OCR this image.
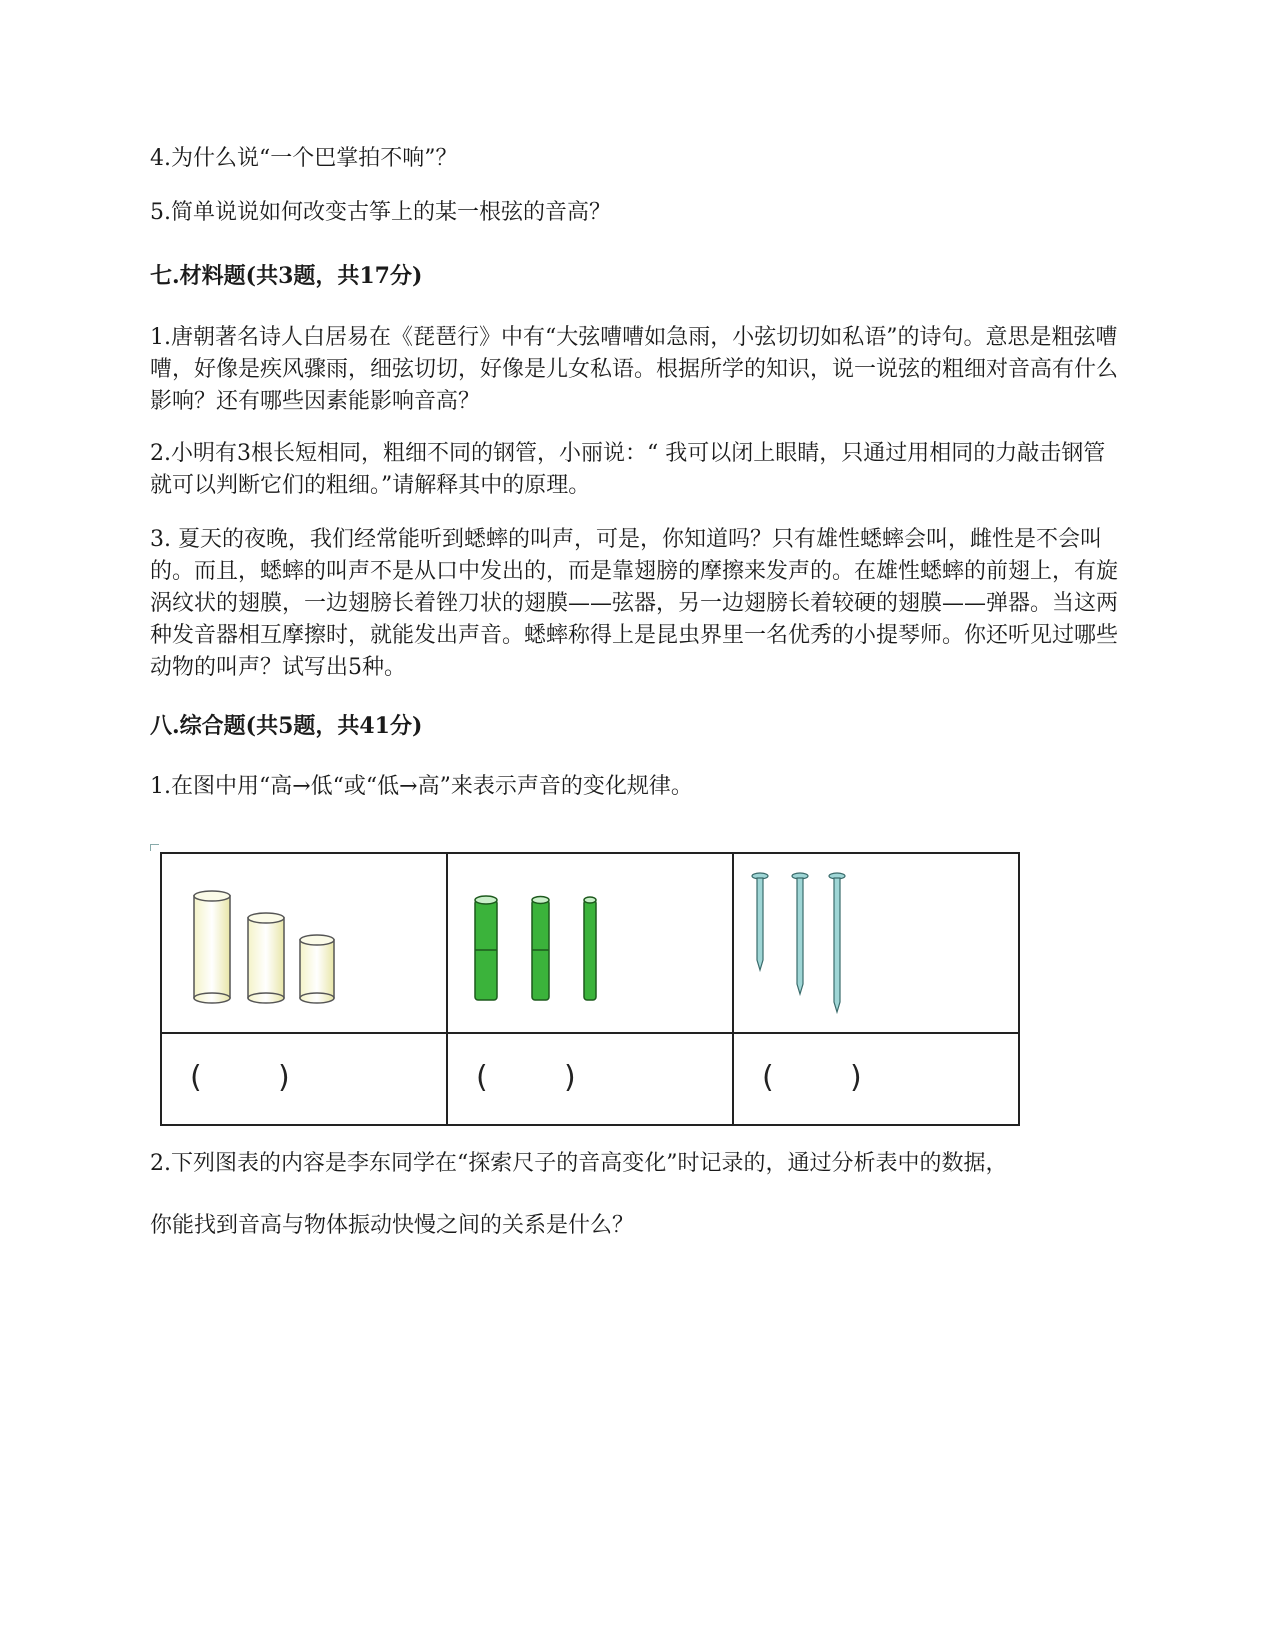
4.为什么说“一个巴掌拍不响”？
5.简单说说如何改变古筝上的某一根弦的音高？
七.材料题(共3题，共17分)
1.唐朝著名诗人白居易在《琵琶行》中有“大弦嘈嘈如急雨，小弦切切如私语”的诗句。意思是粗弦嘈嘈，好像是疾风骤雨，细弦切切，好像是儿女私语。根据所学的知识，说一说弦的粗细对音高有什么影响？还有哪些因素能影响音高？
2.小明有3根长短相同，粗细不同的钢管，小丽说：“ 我可以闭上眼睛，只通过用相同的力敲击钢管就可以判断它们的粗细。”请解释其中的原理。
3. 夏天的夜晚，我们经常能听到蟋蟀的叫声，可是，你知道吗？只有雄性蟋蟀会叫，雌性是不会叫的。而且，蟋蟀的叫声不是从口中发出的，而是靠翅膀的摩擦来发声的。在雄性蟋蟀的前翅上，有旋涡纹状的翅膜，一边翅膀长着锉刀状的翅膜——弦器，另一边翅膀长着较硬的翅膜——弹器。当这两种发音器相互摩擦时，就能发出声音。蟋蟀称得上是昆虫界里一名优秀的小提琴师。你还听见过哪些动物的叫声？试写出5种。
八.综合题(共5题，共41分)
1.在图中用“高→低“或“低→高”来表示声音的变化规律。

(        )	(        )	(        )
2.下列图表的内容是李东同学在“探索尺子的音高变化”时记录的，通过分析表中的数据，
你能找到音高与物体振动快慢之间的关系是什么？
